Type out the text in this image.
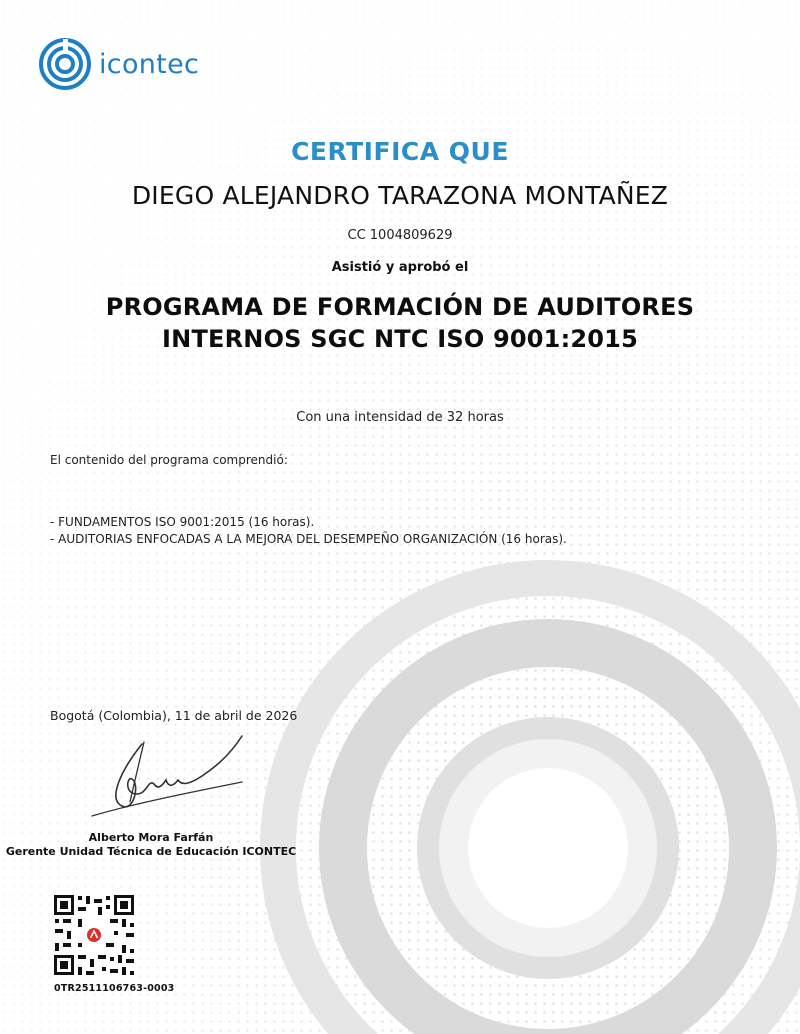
icontec
CERTIFICA QUE
DIEGO ALEJANDRO TARAZONA MONTAÑEZ
CC 1004809629
Asistió y aprobó el
PROGRAMA DE FORMACIÓN DE AUDITORES
INTERNOS SGC NTC ISO 9001:2015
Con una intensidad de 32 horas
El contenido del programa comprendió:
- FUNDAMENTOS ISO 9001:2015 (16 horas).
- AUDITORIAS ENFOCADAS A LA MEJORA DEL DESEMPEÑO ORGANIZACIÓN (16 horas).
Bogotá (Colombia), 11 de abril de 2026
Alberto Mora Farfán
Gerente Unidad Técnica de Educación ICONTEC
0TR2511106763-0003
